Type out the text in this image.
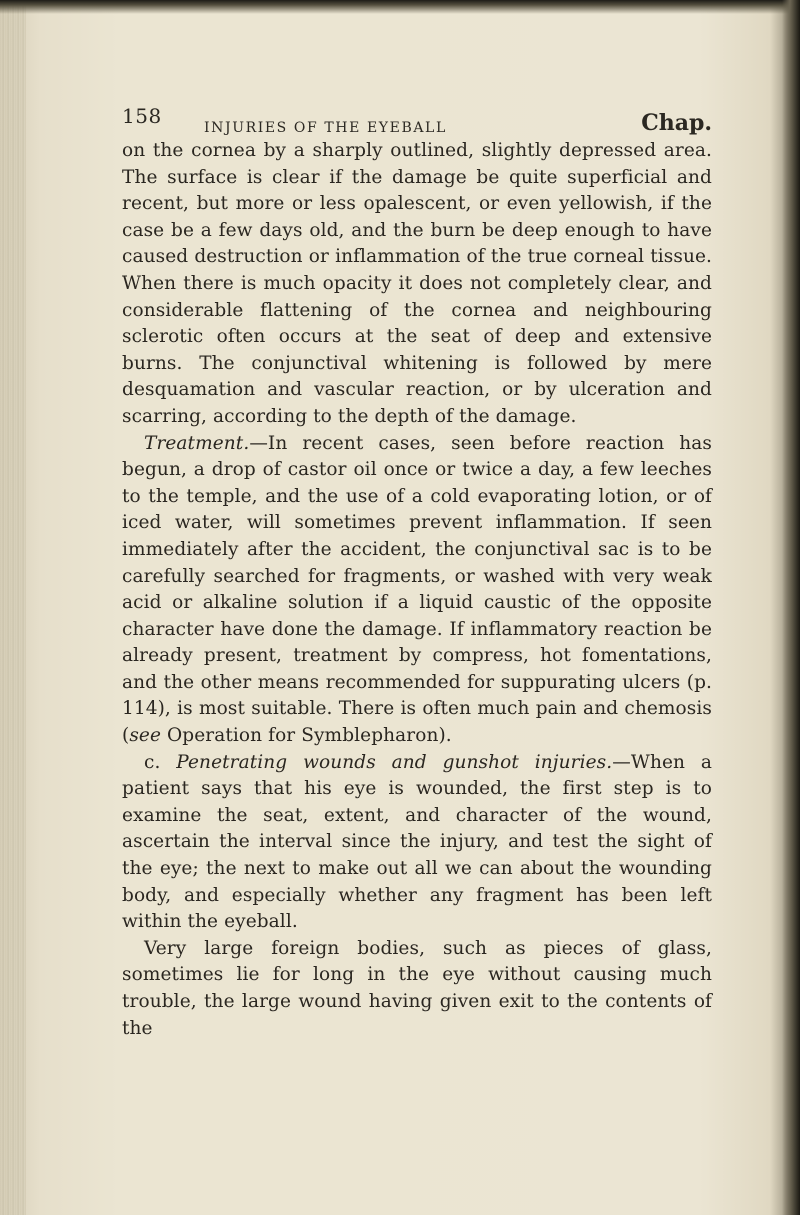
158	INJURIES OF THE EYEBALL	Chap.

on the cornea by a sharply outlined, slightly depressed area. The surface is clear if the damage be quite superficial and recent, but more or less opalescent, or even yellowish, if the case be a few days old, and the burn be deep enough to have caused destruction or inflammation of the true corneal tissue. When there is much opacity it does not completely clear, and considerable flattening of the cornea and neighbouring sclerotic often occurs at the seat of deep and extensive burns. The conjunctival whitening is followed by mere desquamation and vascular reaction, or by ulceration and scarring, according to the depth of the damage.

Treatment.—In recent cases, seen before reaction has begun, a drop of castor oil once or twice a day, a few leeches to the temple, and the use of a cold evaporating lotion, or of iced water, will sometimes prevent inflammation. If seen immediately after the accident, the conjunctival sac is to be carefully searched for fragments, or washed with very weak acid or alkaline solution if a liquid caustic of the opposite character have done the damage. If inflammatory reaction be already present, treatment by compress, hot fomentations, and the other means recommended for suppurating ulcers (p. 114), is most suitable. There is often much pain and chemosis (see Operation for Symblepharon).

c. Penetrating wounds and gunshot injuries.—When a patient says that his eye is wounded, the first step is to examine the seat, extent, and character of the wound, ascertain the interval since the injury, and test the sight of the eye; the next to make out all we can about the wounding body, and especially whether any fragment has been left within the eyeball.

Very large foreign bodies, such as pieces of glass, sometimes lie for long in the eye without causing much trouble, the large wound having given exit to the contents of the
